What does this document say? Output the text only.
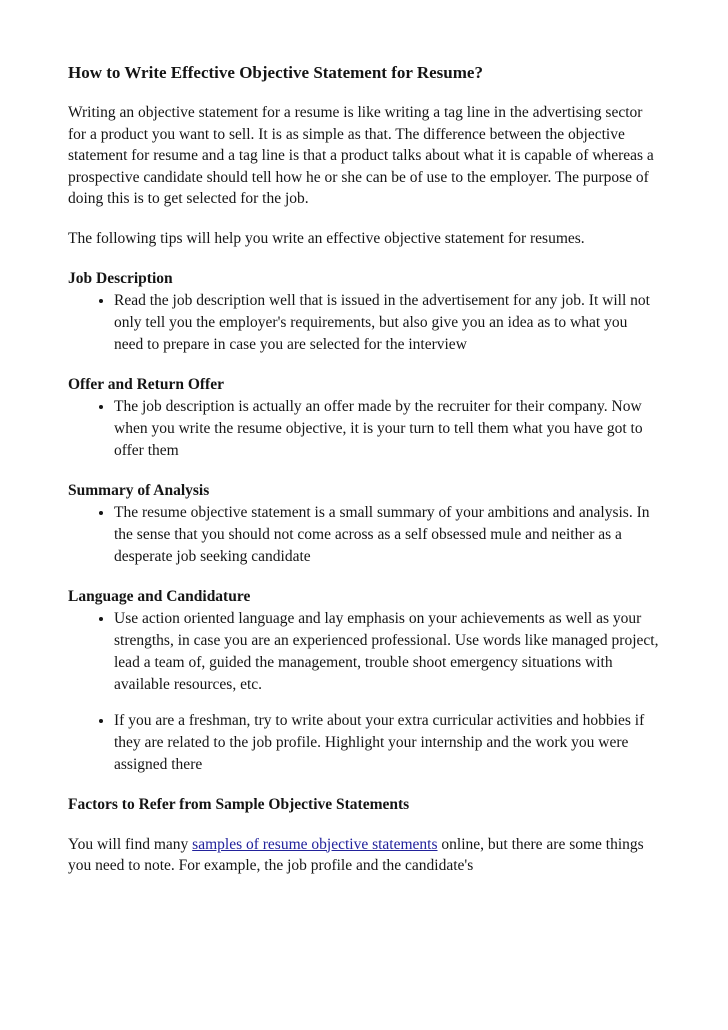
How to Write Effective Objective Statement for Resume?

Writing an objective statement for a resume is like writing a tag line in the advertising sector for a product you want to sell. It is as simple as that. The difference between the objective statement for resume and a tag line is that a product talks about what it is capable of whereas a prospective candidate should tell how he or she can be of use to the employer. The purpose of doing this is to get selected for the job.

The following tips will help you write an effective objective statement for resumes.

Job Description
• Read the job description well that is issued in the advertisement for any job. It will not only tell you the employer's requirements, but also give you an idea as to what you need to prepare in case you are selected for the interview
Offer and Return Offer
• The job description is actually an offer made by the recruiter for their company. Now when you write the resume objective, it is your turn to tell them what you have got to offer them
Summary of Analysis
• The resume objective statement is a small summary of your ambitions and analysis. In the sense that you should not come across as a self obsessed mule and neither as a desperate job seeking candidate
Language and Candidature
• Use action oriented language and lay emphasis on your achievements as well as your strengths, in case you are an experienced professional. Use words like managed project, lead a team of, guided the management, trouble shoot emergency situations with available resources, etc.
• If you are a freshman, try to write about your extra curricular activities and hobbies if they are related to the job profile. Highlight your internship and the work you were assigned there
Factors to Refer from Sample Objective Statements

You will find many samples of resume objective statements online, but there are some things you need to note. For example, the job profile and the candidate's
